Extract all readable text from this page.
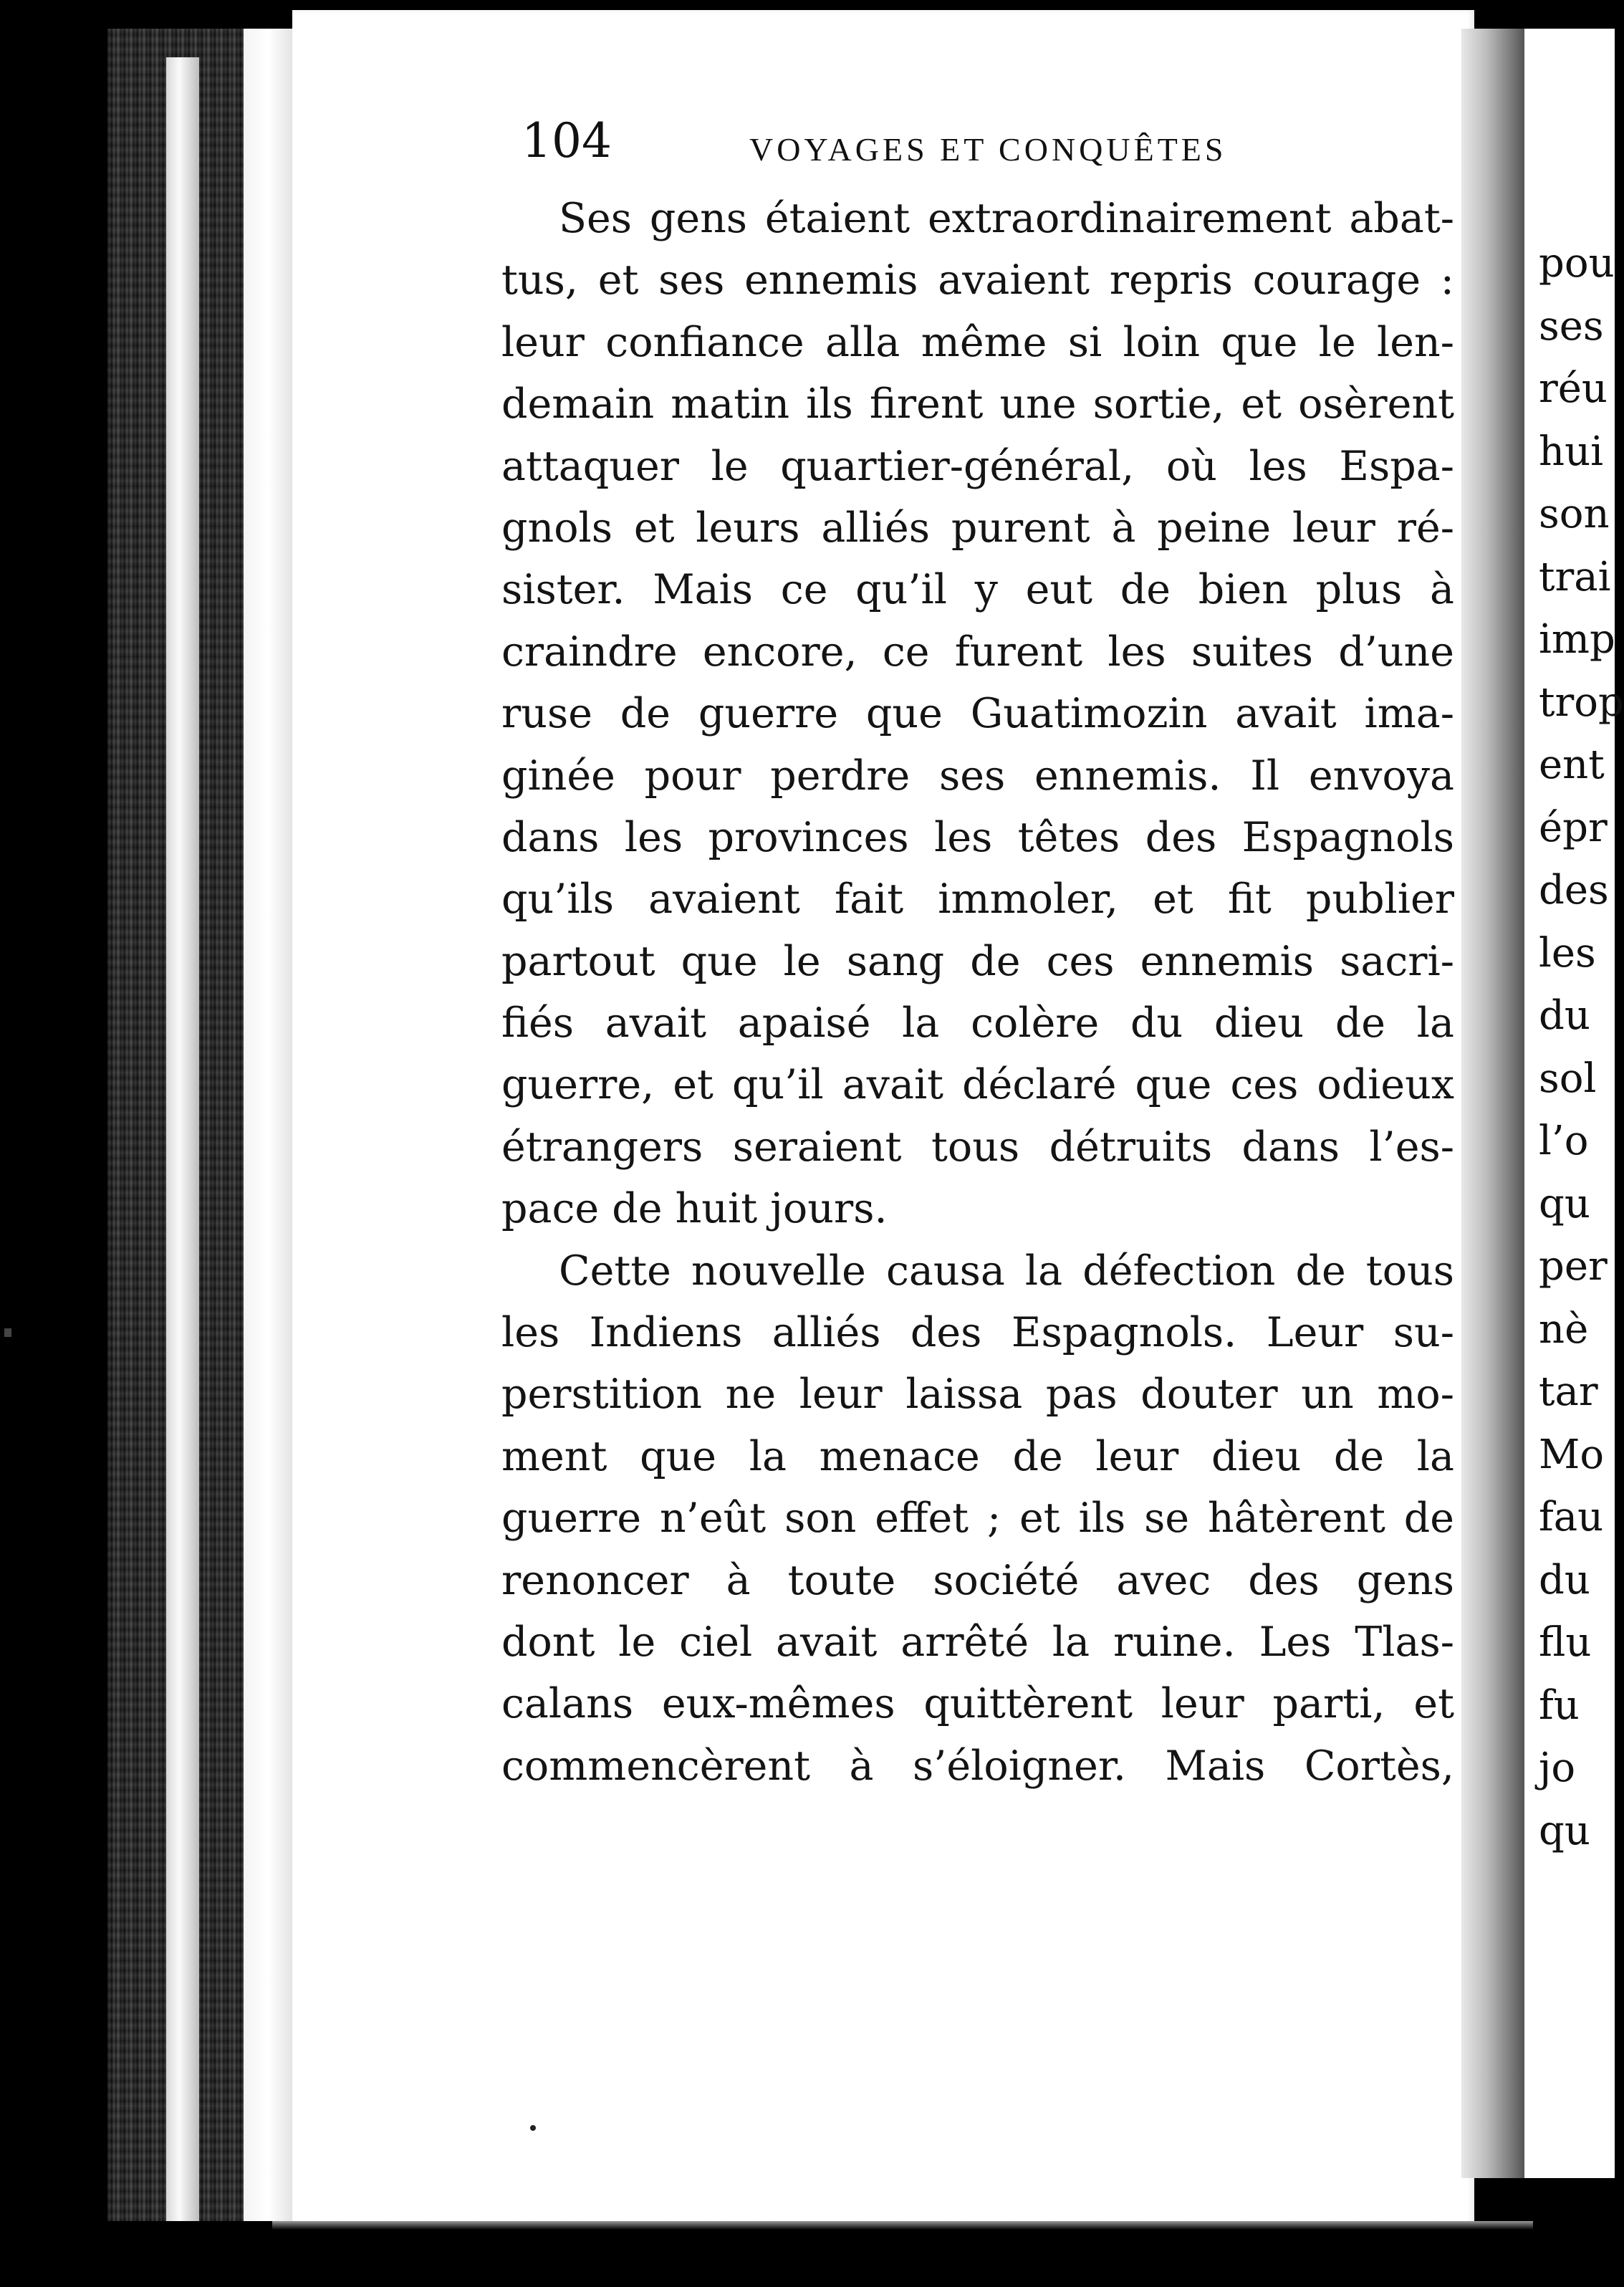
104	VOYAGES ET CONQUÊTES
Ses gens étaient extraordinairement abat-
tus, et ses ennemis avaient repris courage :
leur confiance alla même si loin que le len-
demain matin ils firent une sortie, et osèrent
attaquer le quartier-général, où les Espa-
gnols et leurs alliés purent à peine leur ré-
sister. Mais ce qu’il y eut de bien plus à
craindre encore, ce furent les suites d’une
ruse de guerre que Guatimozin avait ima-
ginée pour perdre ses ennemis. Il envoya
dans les provinces les têtes des Espagnols
qu’ils avaient fait immoler, et fit publier
partout que le sang de ces ennemis sacri-
fiés avait apaisé la colère du dieu de la
guerre, et qu’il avait déclaré que ces odieux
étrangers seraient tous détruits dans l’es-
pace de huit jours.
Cette nouvelle causa la défection de tous
les Indiens alliés des Espagnols. Leur su-
perstition ne leur laissa pas douter un mo-
ment que la menace de leur dieu de la
guerre n’eût son effet ; et ils se hâtèrent de
renoncer à toute société avec des gens
dont le ciel avait arrêté la ruine. Les Tlas-
calans eux-mêmes quittèrent leur parti, et
commencèrent à s’éloigner. Mais Cortès,
pou
ses
réu
hui
son
trai
imp
trop
ent
épr
des
les
du
sol
l’o
qu
per
nè
tar
Mo
fau
du
flu
fu
jo
qu
